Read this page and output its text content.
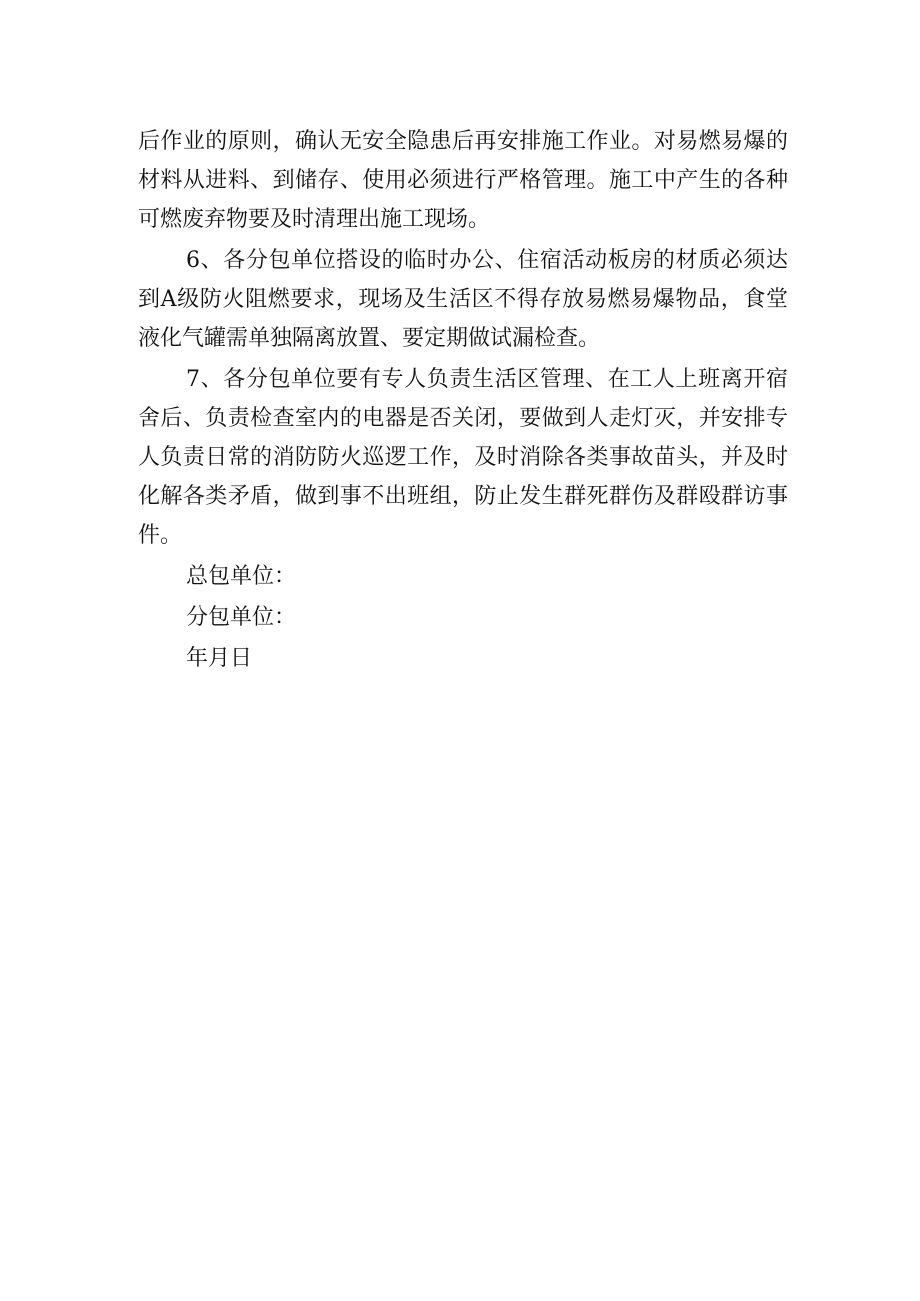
后作业的原则，确认无安全隐患后再安排施工作业。对易燃易爆的材料从进料、到储存、使用必须进行严格管理。施工中产生的各种可燃废弃物要及时清理出施工现场。

6、各分包单位搭设的临时办公、住宿活动板房的材质必须达到A级防火阻燃要求，现场及生活区不得存放易燃易爆物品，食堂液化气罐需单独隔离放置、要定期做试漏检查。

7、各分包单位要有专人负责生活区管理、在工人上班离开宿舍后、负责检查室内的电器是否关闭，要做到人走灯灭，并安排专人负责日常的消防防火巡逻工作，及时消除各类事故苗头，并及时化解各类矛盾，做到事不出班组，防止发生群死群伤及群殴群访事件。

总包单位：

分包单位：

年月日
